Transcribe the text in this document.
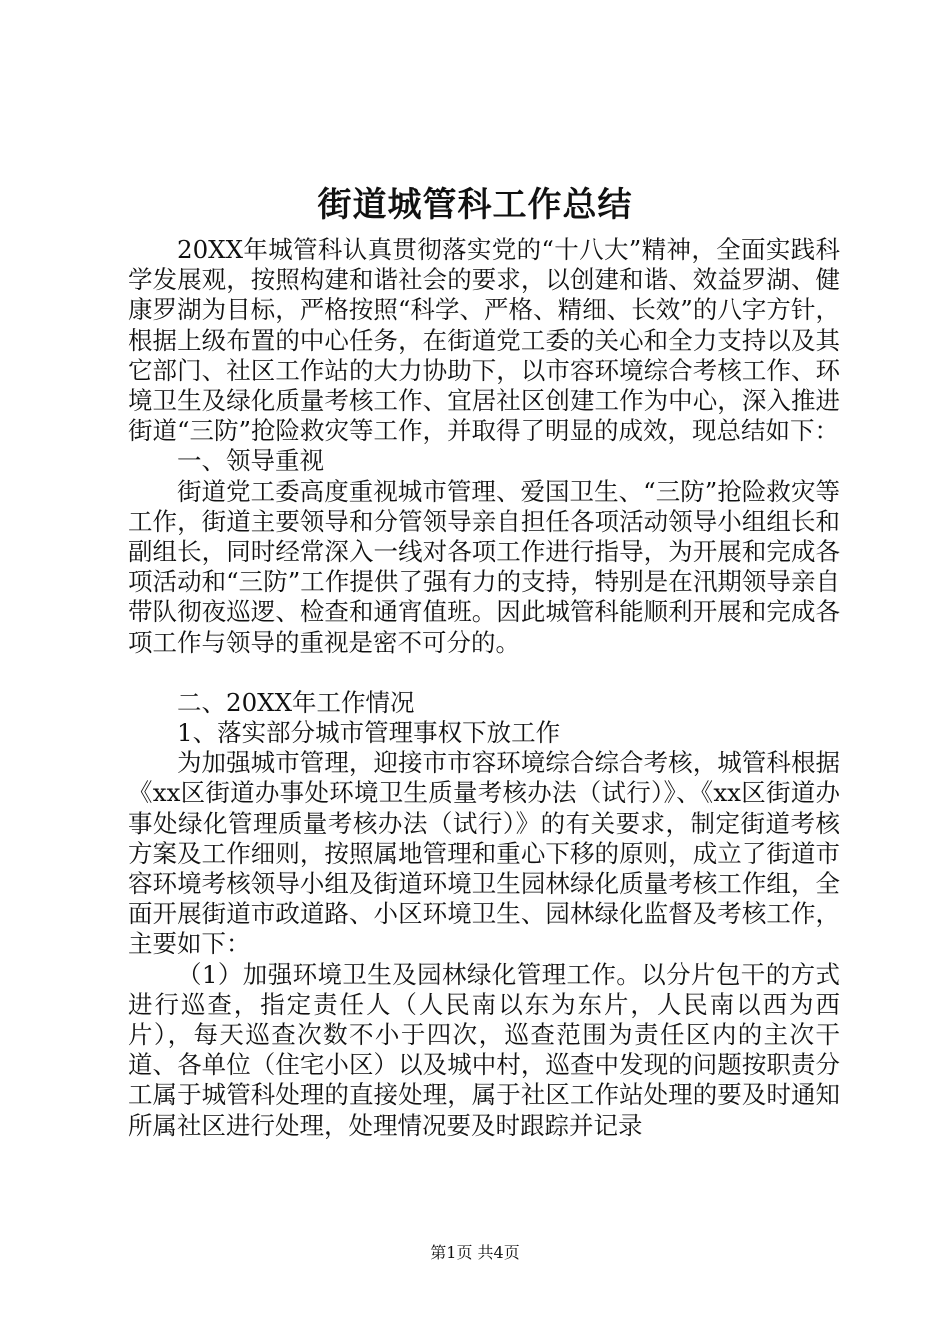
街道城管科工作总结

20XX年城管科认真贯彻落实党的“十八大”精神，全面实践科学发展观，按照构建和谐社会的要求，以创建和谐、效益罗湖、健康罗湖为目标，严格按照“科学、严格、精细、长效”的八字方针，根据上级布置的中心任务，在街道党工委的关心和全力支持以及其它部门、社区工作站的大力协助下，以市容环境综合考核工作、环境卫生及绿化质量考核工作、宜居社区创建工作为中心，深入推进街道“三防”抢险救灾等工作，并取得了明显的成效，现总结如下：

一、领导重视

街道党工委高度重视城市管理、爱国卫生、“三防”抢险救灾等工作，街道主要领导和分管领导亲自担任各项活动领导小组组长和副组长，同时经常深入一线对各项工作进行指导，为开展和完成各项活动和“三防”工作提供了强有力的支持，特别是在汛期领导亲自带队彻夜巡逻、检查和通宵值班。因此城管科能顺利开展和完成各项工作与领导的重视是密不可分的。

二、20XX年工作情况

1、落实部分城市管理事权下放工作

为加强城市管理，迎接市市容环境综合综合考核，城管科根据《xx区街道办事处环境卫生质量考核办法（试行）》、《xx区街道办事处绿化管理质量考核办法（试行）》的有关要求，制定街道考核方案及工作细则，按照属地管理和重心下移的原则，成立了街道市容环境考核领导小组及街道环境卫生园林绿化质量考核工作组，全面开展街道市政道路、小区环境卫生、园林绿化监督及考核工作，主要如下：

（1）加强环境卫生及园林绿化管理工作。以分片包干的方式进行巡查，指定责任人（人民南以东为东片，人民南以西为西片），每天巡查次数不小于四次，巡查范围为责任区内的主次干道、各单位（住宅小区）以及城中村，巡查中发现的问题按职责分工属于城管科处理的直接处理，属于社区工作站处理的要及时通知所属社区进行处理，处理情况要及时跟踪并记录

第1页 共4页
